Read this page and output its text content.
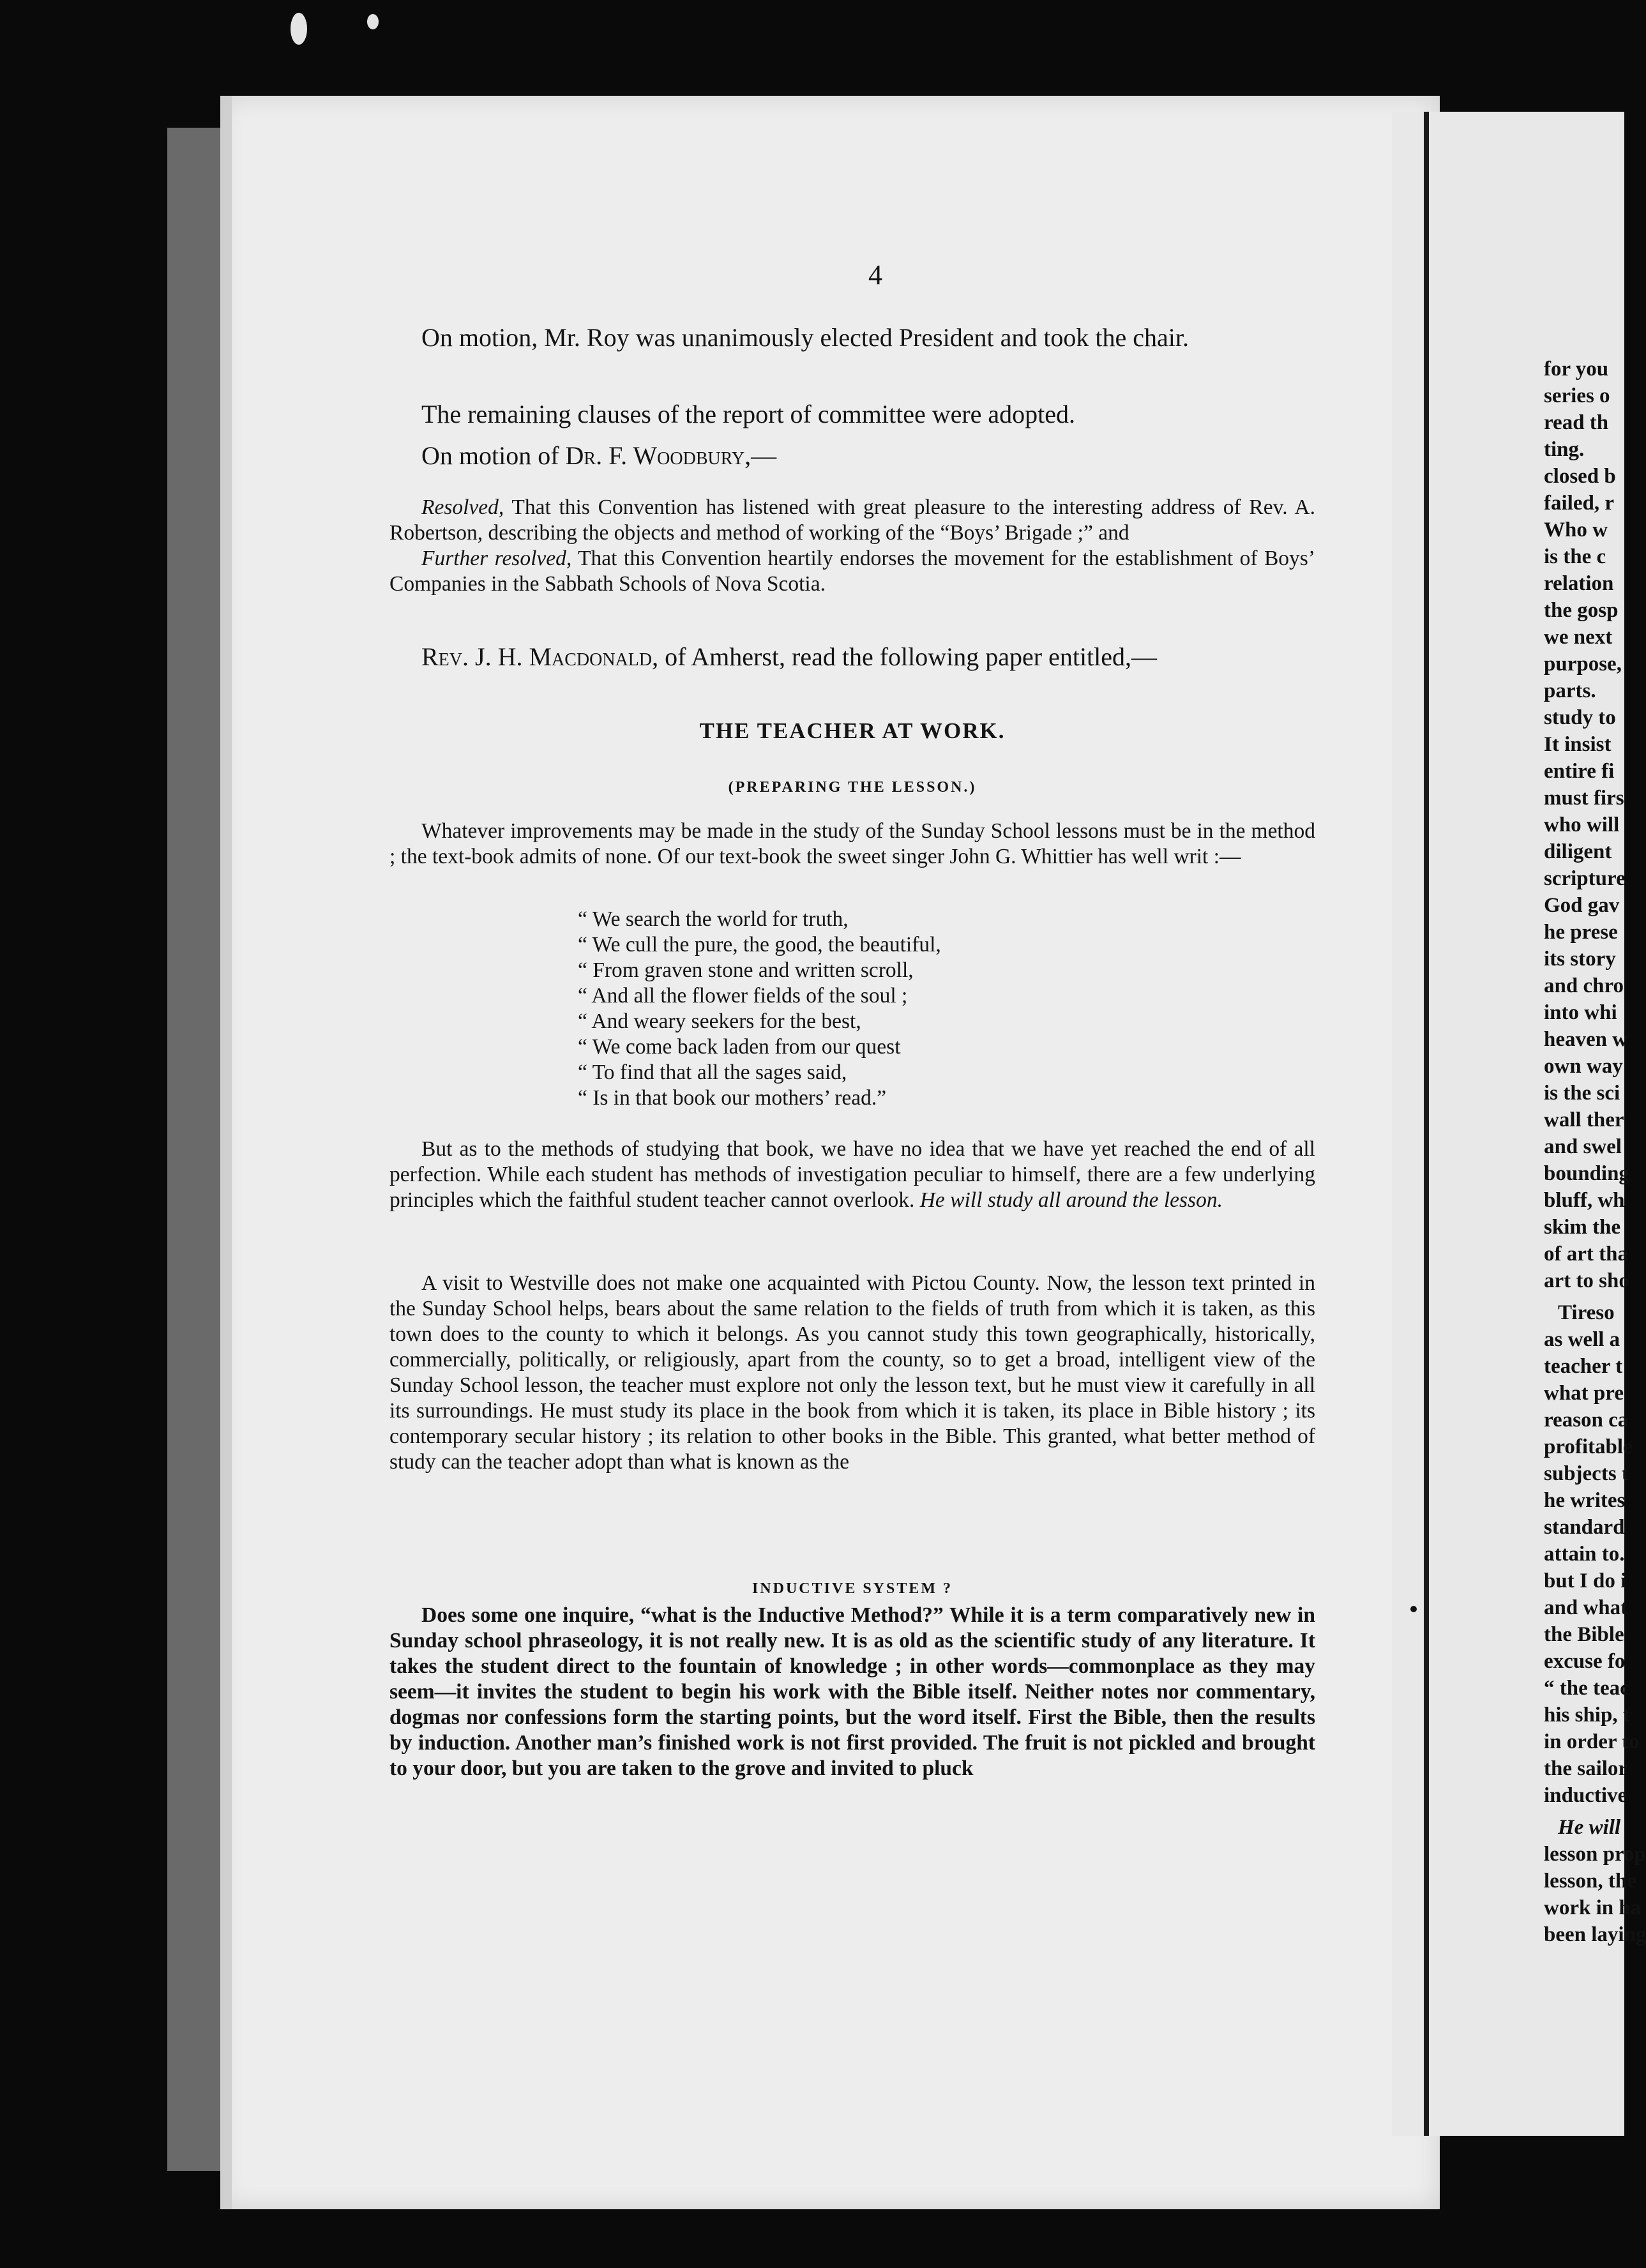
4

On motion, Mr. Roy was unanimously elected President and took the chair.

The remaining clauses of the report of committee were adopted.

On motion of Dr. F. Woodbury,—

Resolved, That this Convention has listened with great pleasure to the interesting address of Rev. A. Robertson, describing the objects and method of working of the “Boys’ Brigade ;” and

Further resolved, That this Convention heartily endorses the movement for the establishment of Boys’ Companies in the Sabbath Schools of Nova Scotia.

Rev. J. H. Macdonald, of Amherst, read the following paper entitled,—

THE TEACHER AT WORK.

(PREPARING THE LESSON.)

Whatever improvements may be made in the study of the Sunday School lessons must be in the method ; the text-book admits of none. Of our text-book the sweet singer John G. Whittier has well writ :—

“ We search the world for truth,
“ We cull the pure, the good, the beautiful,
“ From graven stone and written scroll,
“ And all the flower fields of the soul ;
“ And weary seekers for the best,
“ We come back laden from our quest
“ To find that all the sages said,
“ Is in that book our mothers’ read.”

But as to the methods of studying that book, we have no idea that we have yet reached the end of all perfection. While each student has methods of investigation peculiar to himself, there are a few underlying principles which the faithful student teacher cannot overlook. He will study all around the lesson.

A visit to Westville does not make one acquainted with Pictou County. Now, the lesson text printed in the Sunday School helps, bears about the same relation to the fields of truth from which it is taken, as this town does to the county to which it belongs. As you cannot study this town geographically, historically, commercially, politically, or religiously, apart from the county, so to get a broad, intelligent view of the Sunday School lesson, the teacher must explore not only the lesson text, but he must view it carefully in all its surroundings. He must study its place in the book from which it is taken, its place in Bible history ; its contemporary secular history ; its relation to other books in the Bible. This granted, what better method of study can the teacher adopt than what is known as the

INDUCTIVE SYSTEM ?

Does some one inquire, “what is the Inductive Method?” While it is a term comparatively new in Sunday school phraseology, it is not really new. It is as old as the scientific study of any literature. It takes the student direct to the fountain of knowledge ; in other words—commonplace as they may seem—it invites the student to begin his work with the Bible itself. Neither notes nor commentary, dogmas nor confessions form the starting points, but the word itself. First the Bible, then the results by induction. Another man’s finished work is not first provided. The fruit is not pickled and brought to your door, but you are taken to the grove and invited to pluck

for you
series o
read th
ting.
closed b
failed, r
Who w
is the c
relation
the gosp
we next
purpose,
parts.
study to
It insist
entire fi
must firs
who will
diligent
scripture
God gav
he prese
its story
and chro
into whi
heaven w
own way
is the sci
wall ther
and swel
bounding
bluff, wh
skim the
of art tha
art to sho
Tireso
as well a
teacher t
what pre
reason ca
profitable
subjects t
he writes
standard
attain to.
but I do i
and what
the Bible
excuse fo
“ the teac
his ship, t
in order to
the sailor
inductive
He will
lesson prop
lesson, the
work in ha
been laying
